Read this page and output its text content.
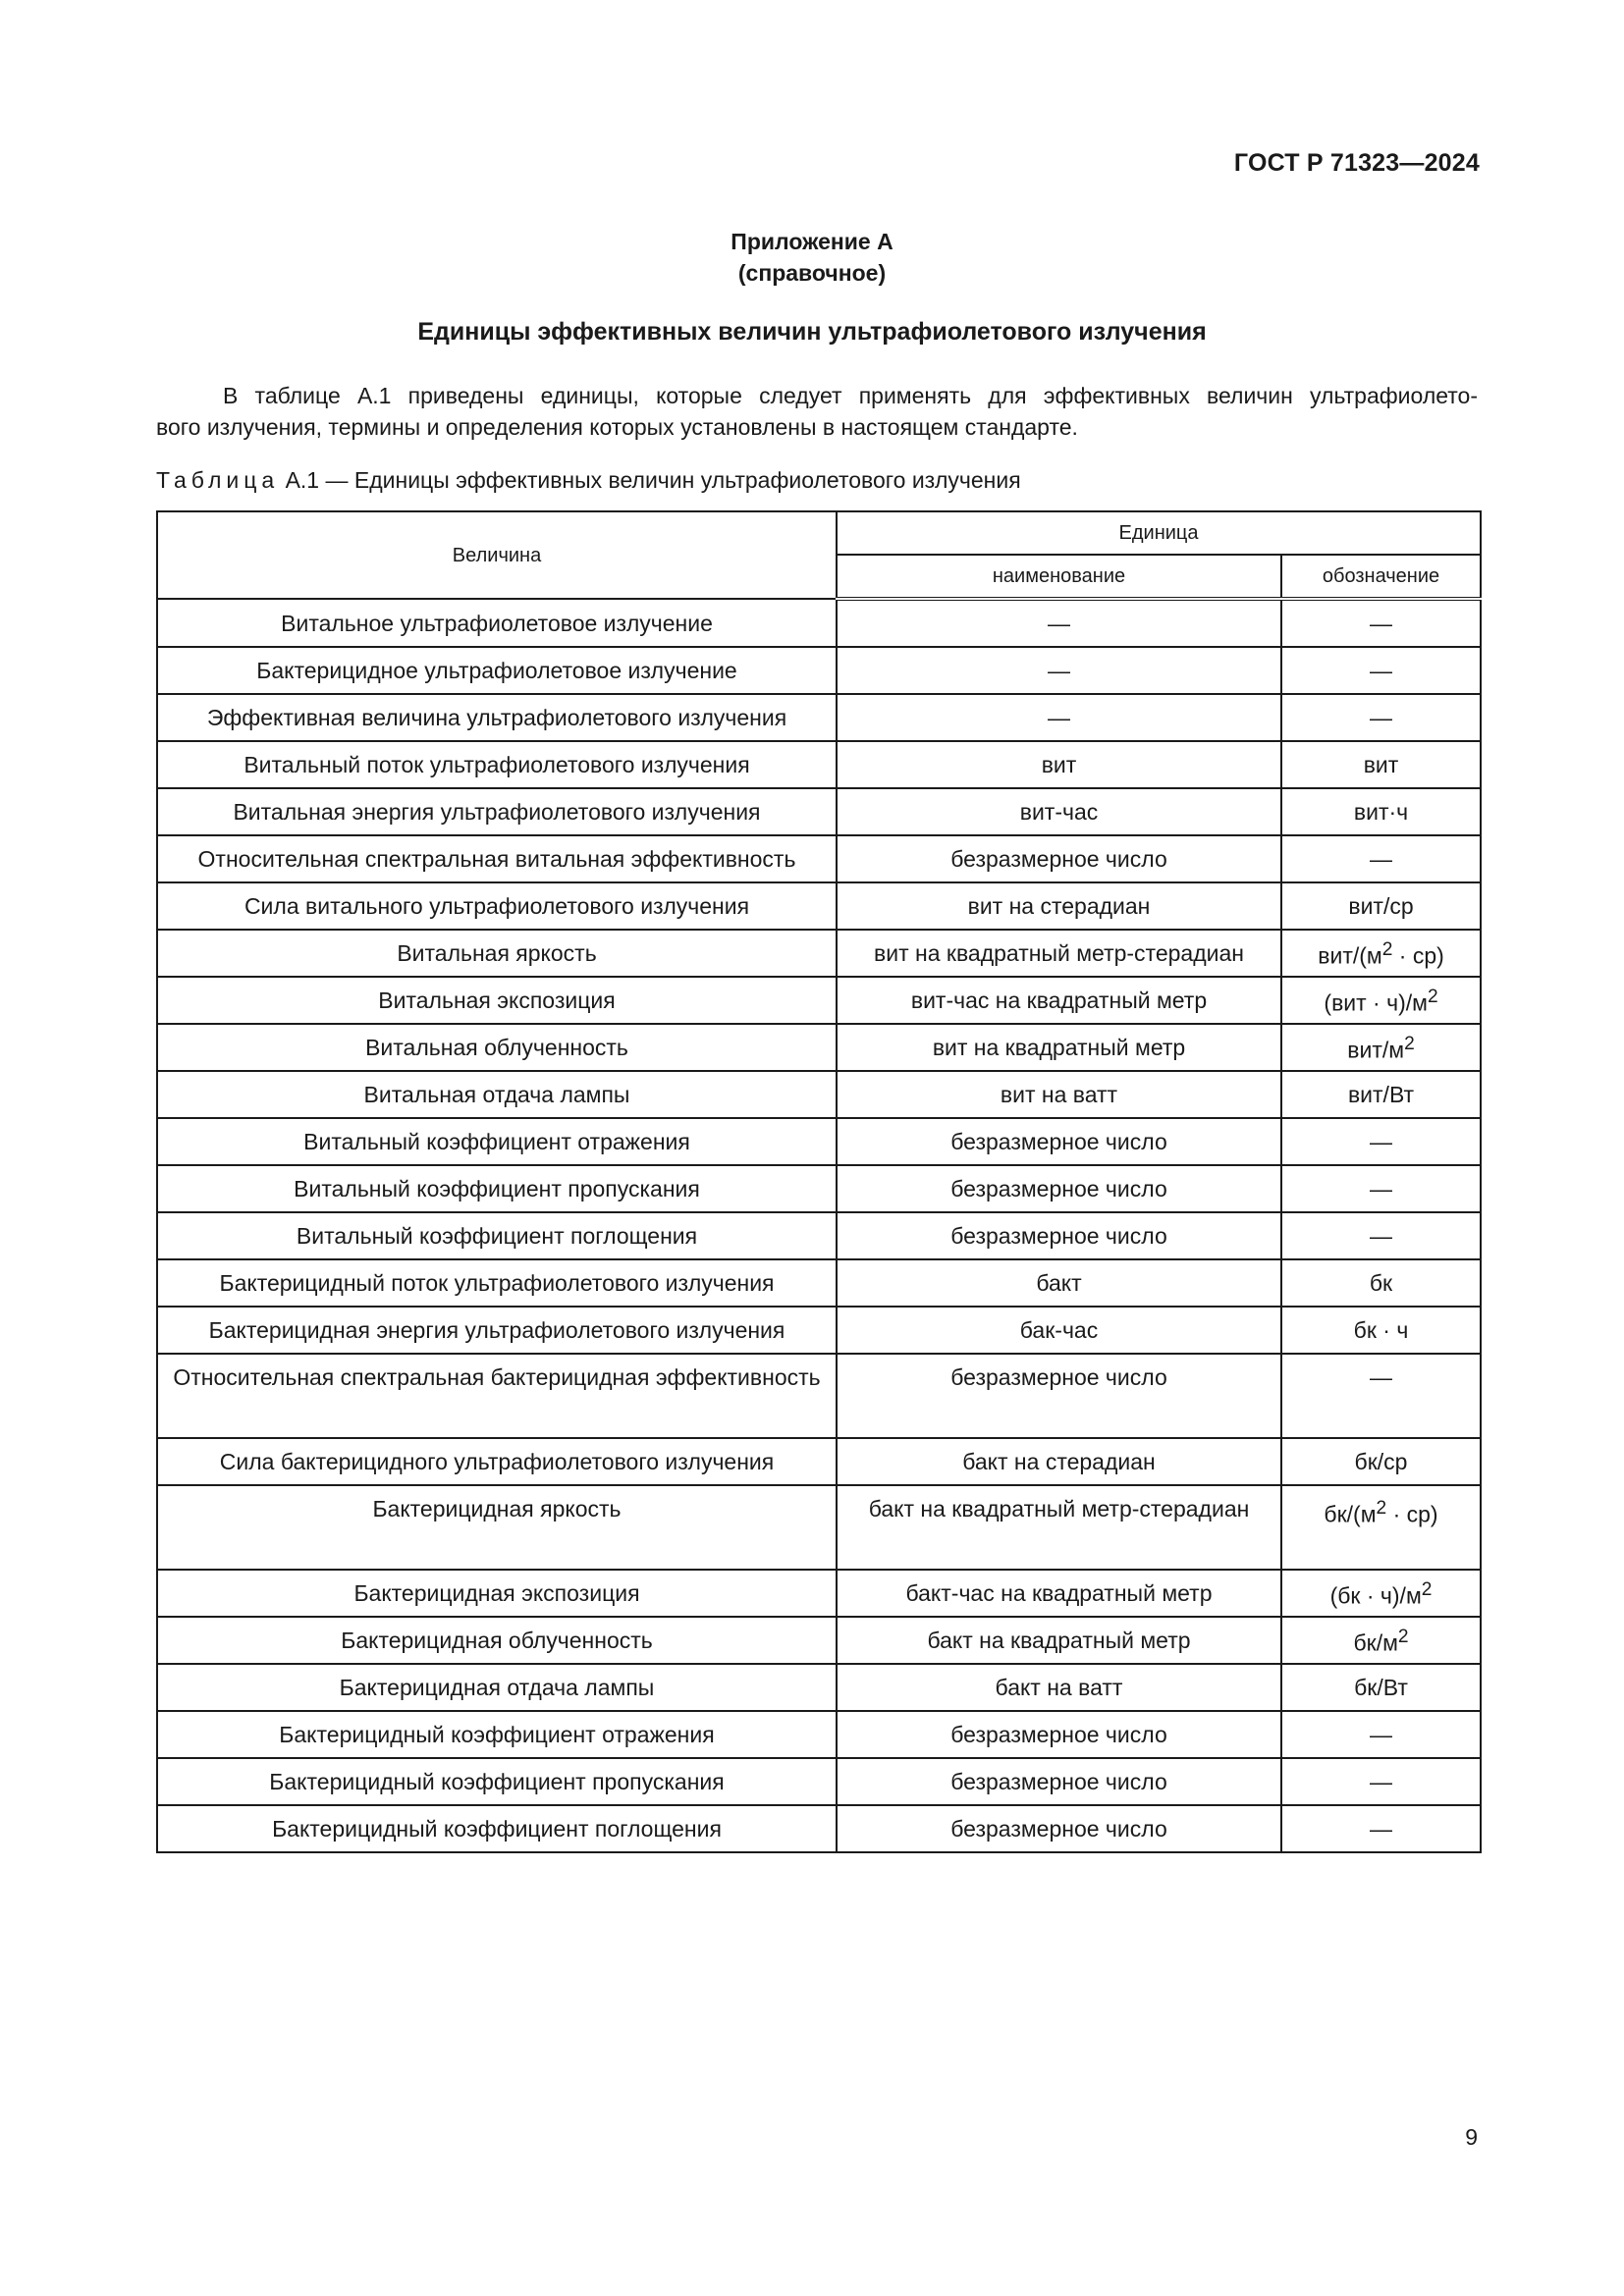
ГОСТ Р 71323—2024
Приложение А
(справочное)
Единицы эффективных величин ультрафиолетового излучения
В таблице А.1 приведены единицы, которые следует применять для эффективных величин ультрафиолето-
вого излучения, термины и определения которых установлены в настоящем стандарте.
Таблица А.1 — Единицы эффективных величин ультрафиолетового излучения
Величина	Единица	
	наименование	обозначение
Витальное ультрафиолетовое излучение	—	—
Бактерицидное ультрафиолетовое излучение	—	—
Эффективная величина ультрафиолетового излучения	—	—
Витальный поток ультрафиолетового излучения	вит	вит
Витальная энергия ультрафиолетового излучения	вит-час	вит·ч
Относительная спектральная витальная эффективность	безразмерное число	—
Сила витального ультрафиолетового излучения	вит на стерадиан	вит/ср
Витальная яркость	вит на квадратный метр-стерадиан	вит/$(м^2 \cdot ср)$
Витальная экспозиция	вит-час на квадратный метр	$(вит \cdot ч)/м^2$
Витальная облученность	вит на квадратный метр	вит/$м^2$
Витальная отдача лампы	вит на ватт	вит/Вт
Витальный коэффициент отражения	безразмерное число	—
Витальный коэффициент пропускания	безразмерное число	—
Витальный коэффициент поглощения	безразмерное число	—
Бактерицидный поток ультрафиолетового излучения	бакт	бк
Бактерицидная энергия ультрафиолетового излучения	бак-час	бк · ч
Относительная спектральная бактерицидная эффективность	безразмерное число	—
Сила бактерицидного ультрафиолетового излучения	бакт на стерадиан	бк/ср
Бактерицидная яркость	бакт на квадратный метр-стерадиан	$бк/(м^2 \cdot ср)$
Бактерицидная экспозиция	бакт-час на квадратный метр	$(бк \cdot ч)/м^2$
Бактерицидная облученность	бакт на квадратный метр	$бк/м^2$
Бактерицидная отдача лампы	бакт на ватт	бк/Вт
Бактерицидный коэффициент отражения	безразмерное число	—
Бактерицидный коэффициент пропускания	безразмерное число	—
Бактерицидный коэффициент поглощения	безразмерное число	—
9
